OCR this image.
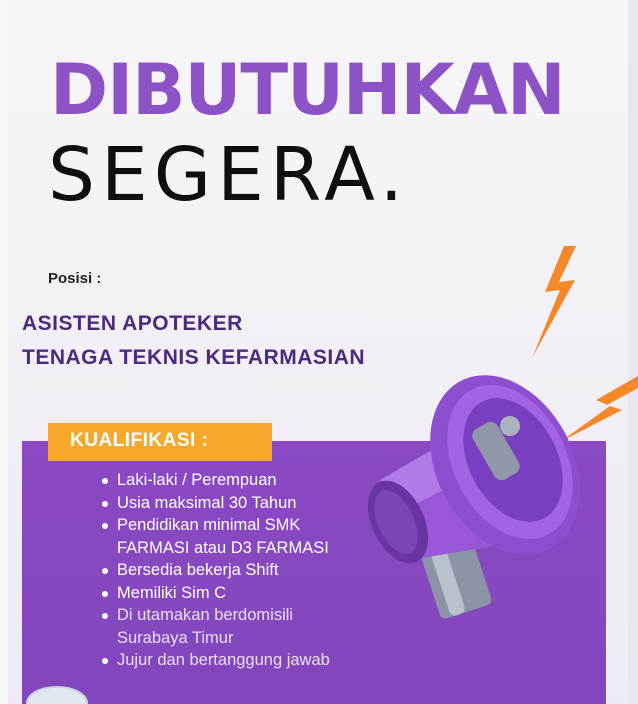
DIBUTUHKAN
SEGERA.
Posisi :
ASISTEN APOTEKER
TENAGA TEKNIS KEFARMASIAN
KUALIFIKASI :
Laki-laki / Perempuan
Usia maksimal 30 Tahun
Pendidikan minimal SMK
FARMASI atau D3 FARMASI
Bersedia bekerja Shift
Memiliki Sim C
Di utamakan berdomisili
Surabaya Timur
Jujur dan bertanggung jawab
